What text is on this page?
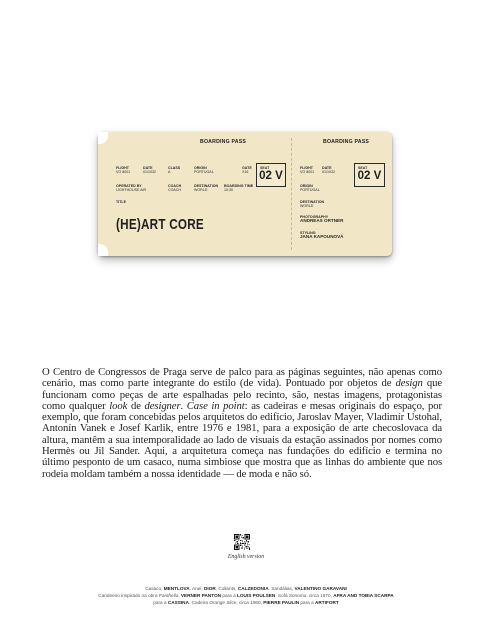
BOARDING PASS	BOARDING PASS
FLIGHT
VO 8001
DATE
01/1032
CLASS
A
ORIGIN
PORTUGAL
GATE
X16
SEAT
02 V
OPERATED BY
LIGHTHOUSE AIR
COACH
COACH
DESTINATION
WORLD
BOARDING TIME
10:30
TITLE
(HE)ART CORE
FLIGHT
VO 8001
DATE
01/1032
SEAT
02 V
ORIGIN
PORTUGAL
DESTINATION
WORLD
PHOTOGRAPHY
ANDREAS ORTNER
STYLING
JANA KAPOUNOVÁ
O Centro de Congressos de Praga serve de palco para as páginas seguintes, não apenas como cenário, mas como parte integrante do estilo (de vida). Pontuado por objetos de design que funcionam como peças de arte espalhadas pelo recinto, são, nestas imagens, protagonistas como qualquer look de designer. Case in point: as cadeiras e mesas originais do espaço, por exemplo, que foram concebidas pelos arquitetos do edifício, Jaroslav Mayer, Vladimír Ustohal, Antonín Vanek e Josef Karlik, entre 1976 e 1981, para a exposição de arte checoslovaca da altura, mantêm a sua intemporalidade ao lado de visuais da estação assinados por nomes como Hermès ou Jil Sander. Aqui, a arquitetura começa nas fundações do edifício e termina no último pesponto de um casaco, numa simbiose que mostra que as linhas do ambiente que nos rodeia moldam também a nossa identidade — de moda e não só.
English version
Casaco, MENTLOVA. Anel, DIOR. Collants, CALZEDONIA. Sandálias, VALENTINO GARAVANI
Candeeiro inspirado na obra Panthella, VERNER PANTON para a LOUIS POULSEN. Sofá Sonoma, circa 1970, AFRA AND TOBIA SCARPA
para a CASSINA. Cadeira Orange Slice, circa 1960, PIERRE PAULIN para a ARTIFORT
